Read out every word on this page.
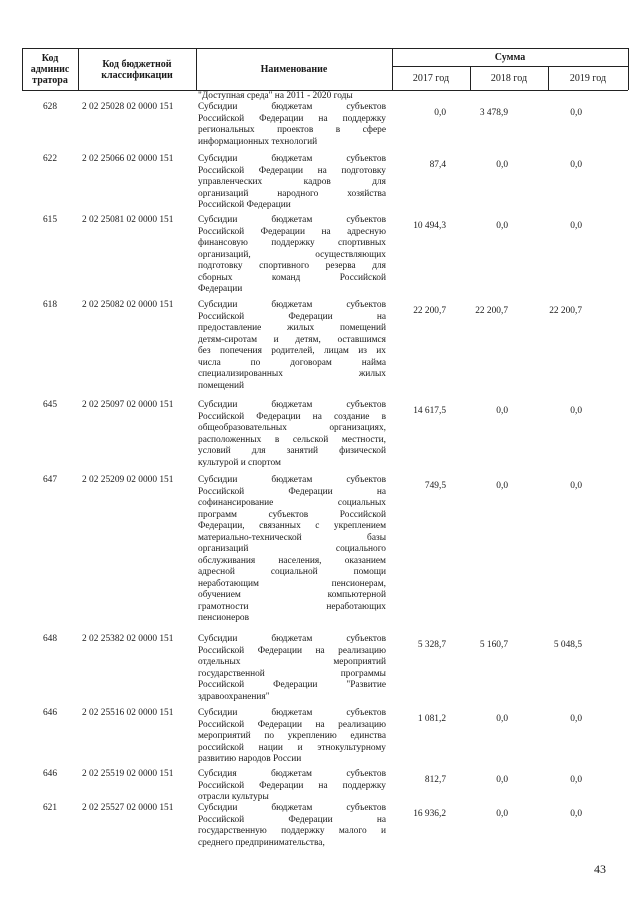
Код
админис
тратора
Код бюджетной
классификации	Наименование
Сумма
2017 год	2018 год	2019 год
"Доступная среда" на 2011 - 2020 годы
628	2 02 25028 02 0000 151	Субсидии бюджетам субъектов
Российской Федерации на поддержку
региональных проектов в сфере
информационных технологий
0,0	3 478,9	0,0
622	2 02 25066 02 0000 151	Субсидии бюджетам субъектов
Российской Федерации на подготовку
управленческих кадров для
организаций народного хозяйства
Российской Федерации
87,4	0,0	0,0
615	2 02 25081 02 0000 151	Субсидии бюджетам субъектов
Российской Федерации на адресную
финансовую поддержку спортивных
организаций, осуществляющих
подготовку спортивного резерва для
сборных команд Российской
Федерации
10 494,3	0,0	0,0
618	2 02 25082 02 0000 151	Субсидии бюджетам субъектов
Российской Федерации на
предоставление жилых помещений
детям-сиротам и детям, оставшимся
без попечения родителей, лицам из их
числа по договорам найма
специализированных жилых
помещений
22 200,7	22 200,7	22 200,7
645	2 02 25097 02 0000 151	Субсидии бюджетам субъектов
Российской Федерации на создание в
общеобразовательных организациях,
расположенных в сельской местности,
условий для занятий физической
культурой и спортом
14 617,5	0,0	0,0
647	2 02 25209 02 0000 151	Субсидии бюджетам субъектов
Российской Федерации на
софинансирование социальных
программ субъектов Российской
Федерации, связанных с укреплением
материально-технической базы
организаций социального
обслуживания населения, оказанием
адресной социальной помощи
неработающим пенсионерам,
обучением компьютерной
грамотности неработающих
пенсионеров
749,5	0,0	0,0
648	2 02 25382 02 0000 151	Субсидии бюджетам субъектов
Российской Федерации на реализацию
отдельных мероприятий
государственной программы
Российской Федерации "Развитие
здравоохранения"
5 328,7	5 160,7	5 048,5
646	2 02 25516 02 0000 151	Субсидии бюджетам субъектов
Российской Федерации на реализацию
мероприятий по укреплению единства
российской нации и этнокультурному
развитию народов России
1 081,2	0,0	0,0
646	2 02 25519 02 0000 151	Субсидия бюджетам субъектов
Российской Федерации на поддержку
отрасли культуры
812,7	0,0	0,0
621	2 02 25527 02 0000 151	Субсидии бюджетам субъектов
Российской Федерации на
государственную поддержку малого и
среднего предпринимательства,
16 936,2	0,0	0,0
43
